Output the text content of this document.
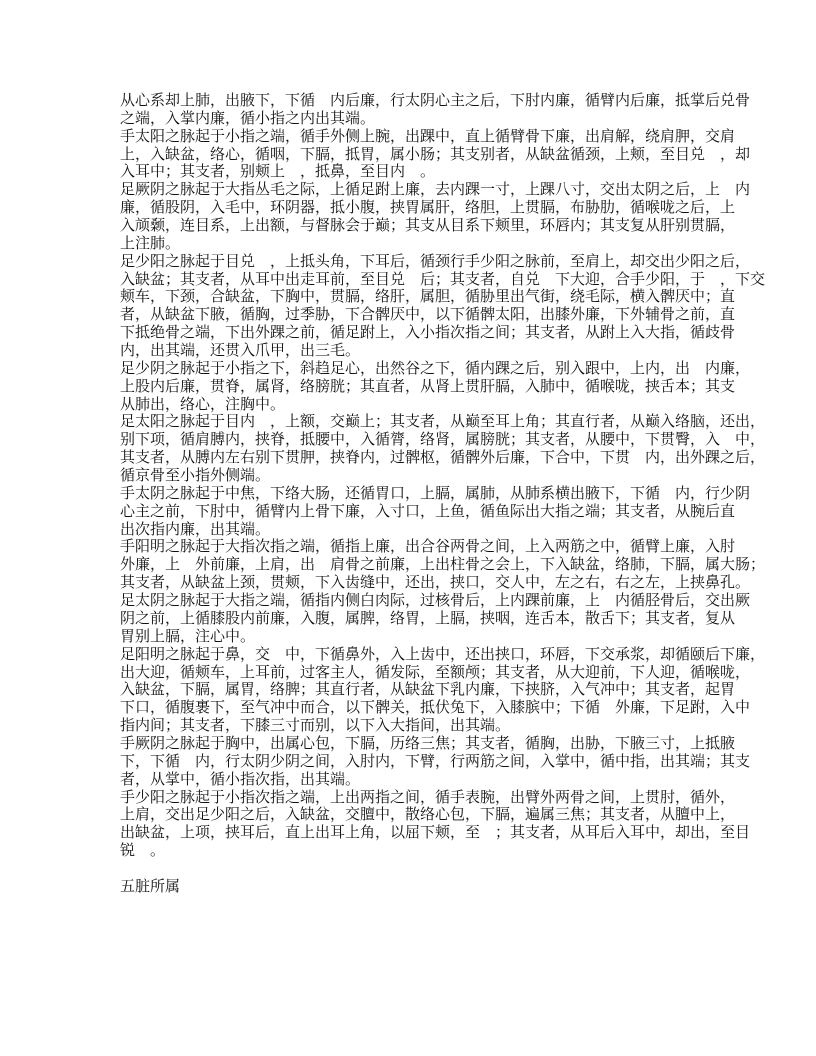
从心系却上肺，出腋下，下循　内后廉，行太阴心主之后，下肘内廉，循臂内后廉，抵掌后兑骨
之端，入掌内廉，循小指之内出其端。

手太阳之脉起于小指之端，循手外侧上腕，出踝中，直上循臂骨下廉，出肩解，绕肩胛，交肩
上，入缺盆，络心，循咽，下膈，抵胃，属小肠；其支别者，从缺盆循颈，上颊，至目兑　，却
入耳中；其支者，别颊上　，抵鼻，至目内　。

足厥阴之脉起于大指丛毛之际，上循足跗上廉，去内踝一寸，上踝八寸，交出太阴之后，上　内
廉，循股阴，入毛中，环阴器，抵小腹，挟胃属肝，络胆，上贯膈，布胁肋，循喉咙之后，上
入颃颡，连目系，上出额，与督脉会于巅；其支从目系下颊里，环唇内；其支复从肝别贯膈，
上注肺。

足少阳之脉起于目兑　，上抵头角，下耳后，循颈行手少阳之脉前，至肩上，却交出少阳之后，
入缺盆；其支者，从耳中出走耳前，至目兑　后；其支者，自兑　下大迎，合手少阳，于　，下交
颊车，下颈，合缺盆，下胸中，贯膈，络肝，属胆，循胁里出气街，绕毛际，横入髀厌中；直
者，从缺盆下腋，循胸，过季胁，下合髀厌中，以下循髀太阳，出膝外廉，下外辅骨之前，直
下抵绝骨之端，下出外踝之前，循足跗上，入小指次指之间；其支者，从跗上入大指，循歧骨
内，出其端，还贯入爪甲，出三毛。

足少阴之脉起于小指之下，斜趋足心，出然谷之下，循内踝之后，别入跟中，上内，出　内廉，
上股内后廉，贯脊，属肾，络膀胱；其直者，从肾上贯肝膈，入肺中，循喉咙，挟舌本；其支
从肺出，络心，注胸中。

足太阳之脉起于目内　，上额，交巅上；其支者，从巅至耳上角；其直行者，从巅入络脑，还出，
别下项，循肩膊内，挟脊，抵腰中，入循膂，络肾，属膀胱；其支者，从腰中，下贯臀，入　中，
其支者，从膊内左右别下贯胛，挟脊内，过髀枢，循髀外后廉，下合中，下贯　内，出外踝之后，
循京骨至小指外侧端。

手太阴之脉起于中焦，下络大肠，还循胃口，上膈，属肺，从肺系横出腋下，下循　内，行少阴
心主之前，下肘中，循臂内上骨下廉，入寸口，上鱼，循鱼际出大指之端；其支者，从腕后直
出次指内廉，出其端。

手阳明之脉起于大指次指之端，循指上廉，出合谷两骨之间，上入两筋之中，循臂上廉，入肘
外廉，上　外前廉，上肩，出　肩骨之前廉，上出柱骨之会上，下入缺盆，络肺，下膈，属大肠；
其支者，从缺盆上颈，贯颊，下入齿缝中，还出，挟口，交人中，左之右，右之左，上挟鼻孔。

足太阴之脉起于大指之端，循指内侧白肉际，过核骨后，上内踝前廉，上　内循胫骨后，交出厥
阴之前，上循膝股内前廉，入腹，属脾，络胃，上膈，挟咽，连舌本，散舌下；其支者，复从
胃别上膈，注心中。

足阳明之脉起于鼻，交　中，下循鼻外，入上齿中，还出挟口，环唇，下交承浆，却循颐后下廉，
出大迎，循颊车，上耳前，过客主人，循发际，至额颅；其支者，从大迎前，下人迎，循喉咙，
入缺盆，下膈，属胃，络脾；其直行者，从缺盆下乳内廉，下挟脐，入气冲中；其支者，起胃
下口，循腹裹下，至气冲中而合，以下髀关，抵伏兔下，入膝膑中；下循　外廉，下足跗，入中
指内间；其支者，下膝三寸而别，以下入大指间，出其端。

手厥阴之脉起于胸中，出属心包，下膈，历络三焦；其支者，循胸，出胁，下腋三寸，上抵腋
下，下循　内，行太阴少阴之间，入肘内，下臂，行两筋之间，入掌中，循中指，出其端；其支
者，从掌中，循小指次指，出其端。

手少阳之脉起于小指次指之端，上出两指之间，循手表腕，出臂外两骨之间，上贯肘，循外，
上肩，交出足少阳之后，入缺盆，交膻中，散络心包，下膈，遍属三焦；其支者，从膻中上，
出缺盆，上项，挟耳后，直上出耳上角，以屈下颊，至　；其支者，从耳后入耳中，却出，至目
锐　。

五脏所属
